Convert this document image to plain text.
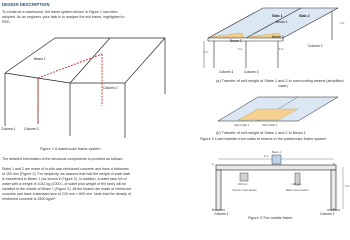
DESIGN DESCRIPTION
To construct a warehouse, the frame system shown in Figure 1 has been
adopted. As an engineer, your task is to analyse the mid frame, highlighted in
RED.
Beam 1
Column 2
Column 1 Column 3
Figure 1 A warehouse frame system
The detailed information of the structural components is provided as follows:
Slabs 1 and 2 are made of in-situ cast reinforced concrete and have a thickness
of 150 mm (Figure 2). For simplicity, we assume that half the weight of each slab
is transferred to Beam 1 (as shown in Figure 2). In addition, a water tank full of
water with a weight of 1042 kg (1000 L of water plus weight of the tank) will be
installed in the middle of Beam 1 (Figure 2). All the beams are made of reinforced
concrete and have a standard size of 225 mm × 600 mm. Note that the density of
reinforced concrete is 2500 kg/m³.
Slab 1	Slab 2
Beam 2
Beam 1
Beam 3
Column 2
Column 1	Column 3
6 m
5 m	6 m
3 m
(a) Transfer of self-weight of Slabs 1 and 2 to surrounding beams (simplified
case)
Half of slab 1	Half of slab 2
(b) Transfer of self-weight of Slabs 1 and 2 to Beam 1
Figure 2 Load transfer from slabs to beams in the warehouse frame system
Beam 1
6 m
3 m
A	B
C	D
300 mm
Column cross section
225 mm
Beam cross section
Column 1	Column 2
Figure 3 The middle frame
